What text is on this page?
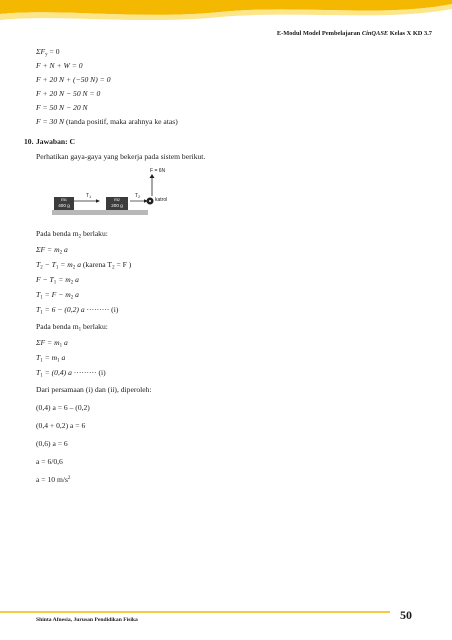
E-Modul Model Pembelajaran CinQASE Kelas X KD 3.7
$\Sigma F_y = 0$
F + N + W = 0
F + 20 N + (−50 N) = 0
F + 20 N − 50 N = 0
F = 50 N − 20 N
F = 30 N (tanda positif, maka arahnya ke atas)
10. Jawaban: C
Perhatikan gaya-gaya yang bekerja pada sistem berikut.
F = 6N
m1
400 g
m2
200 g
$T_1$	$T_2$	katrol
Pada benda $m_2$ berlaku:
$\Sigma F = m_2$ a
$T_2 - T_1 = m_2$ a (karena $T_2 = F$ )
$F - T_1 = m_2$ a
$T_1 = F - m_2$ a
$T_1 = 6 - (0,2)$ a ········· (i)
Pada benda $m_1$ berlaku:
$\Sigma F = m_1$ a
$T_1 = m_1$ a
$T_1 = (0,4)$ a ········· (i)
Dari persamaan (i) dan (ii), diperoleh:
(0,4) a = 6 – (0,2)
(0,4 + 0,2) a = 6
(0,6) a = 6
a = 6/0,6
a = 10 $m/s^2$
Shinta Afnesia, Jurusan Pendidikan Fisika	50
